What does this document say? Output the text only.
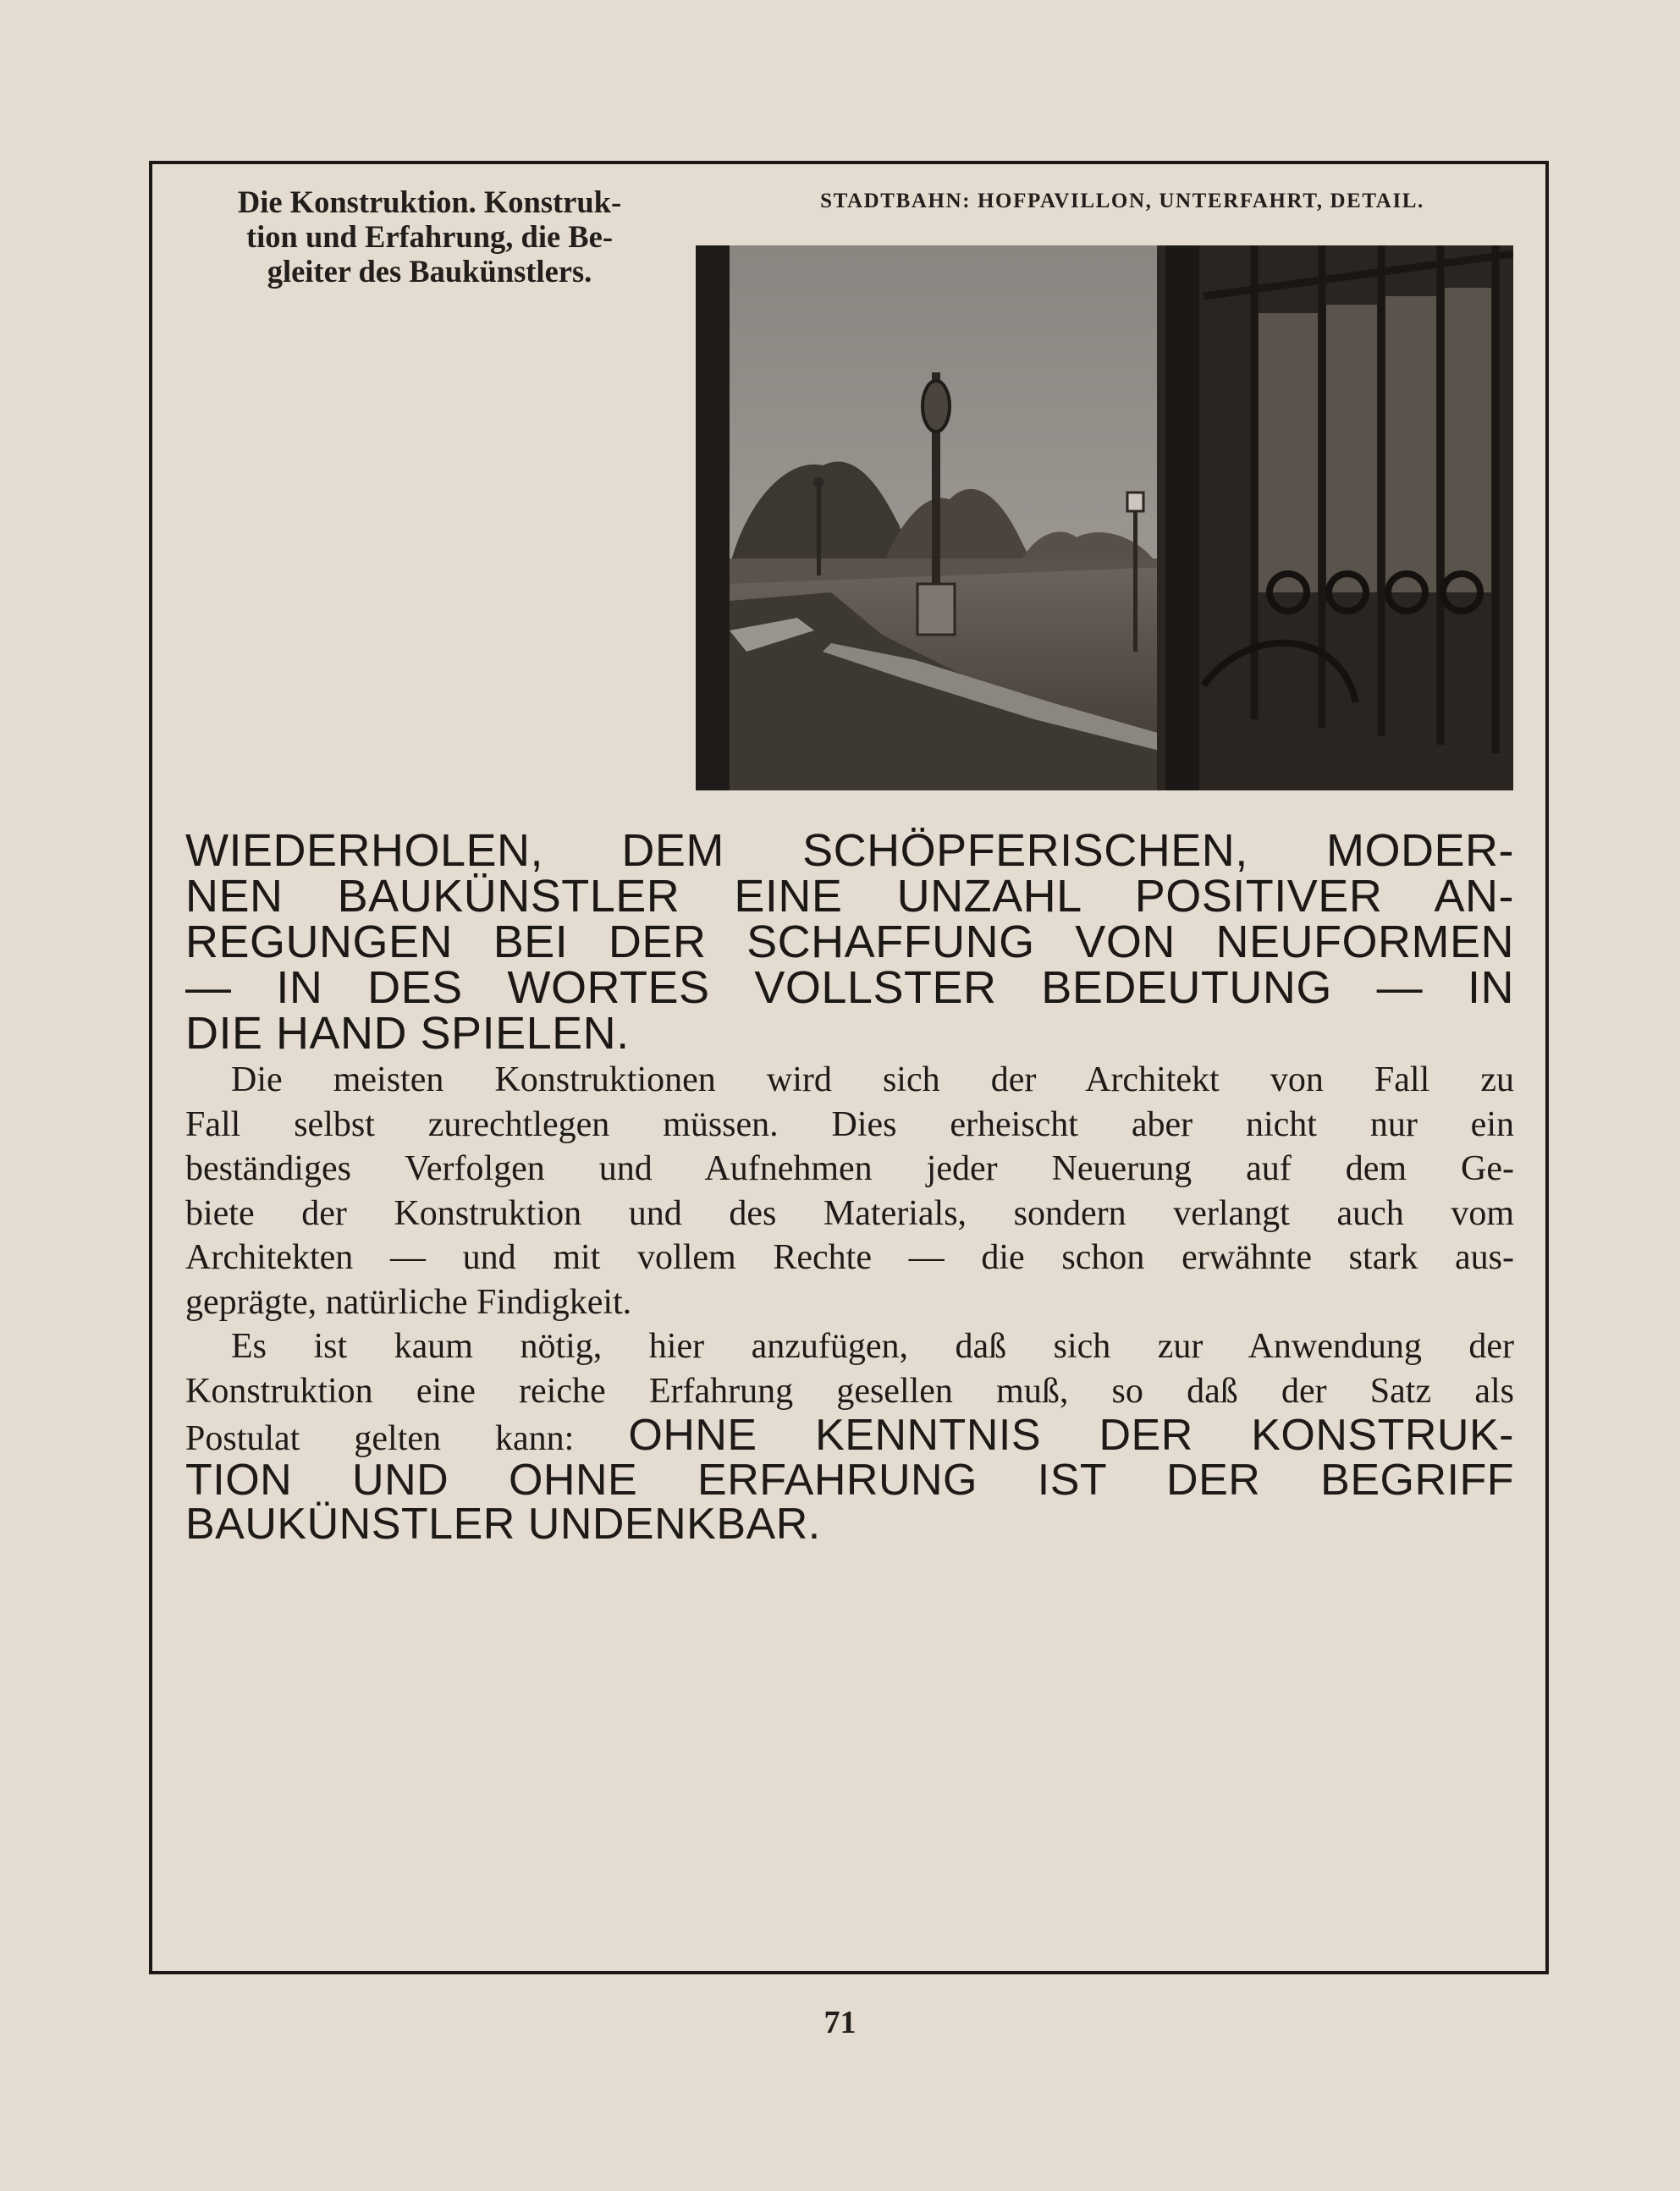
Die Konstruktion. Konstruk-
tion und Erfahrung, die Be-
gleiter des Baukünstlers.
STADTBAHN: HOFPAVILLON, UNTERFAHRT, DETAIL.
WIEDERHOLEN, DEM SCHÖPFERISCHEN, MODER-
NEN BAUKÜNSTLER EINE UNZAHL POSITIVER AN-
REGUNGEN BEI DER SCHAFFUNG VON NEUFORMEN
— IN DES WORTES VOLLSTER BEDEUTUNG — IN
DIE HAND SPIELEN.
Die meisten Konstruktionen wird sich der Architekt von Fall zu
Fall selbst zurechtlegen müssen. Dies erheischt aber nicht nur ein
beständiges Verfolgen und Aufnehmen jeder Neuerung auf dem Ge-
biete der Konstruktion und des Materials, sondern verlangt auch vom
Architekten — und mit vollem Rechte — die schon erwähnte stark aus-
geprägte, natürliche Findigkeit.
Es ist kaum nötig, hier anzufügen, daß sich zur Anwendung der
Konstruktion eine reiche Erfahrung gesellen muß, so daß der Satz als
Postulat gelten kann: OHNE KENNTNIS DER KONSTRUK-
TION UND OHNE ERFAHRUNG IST DER BEGRIFF
BAUKÜNSTLER UNDENKBAR.
71
